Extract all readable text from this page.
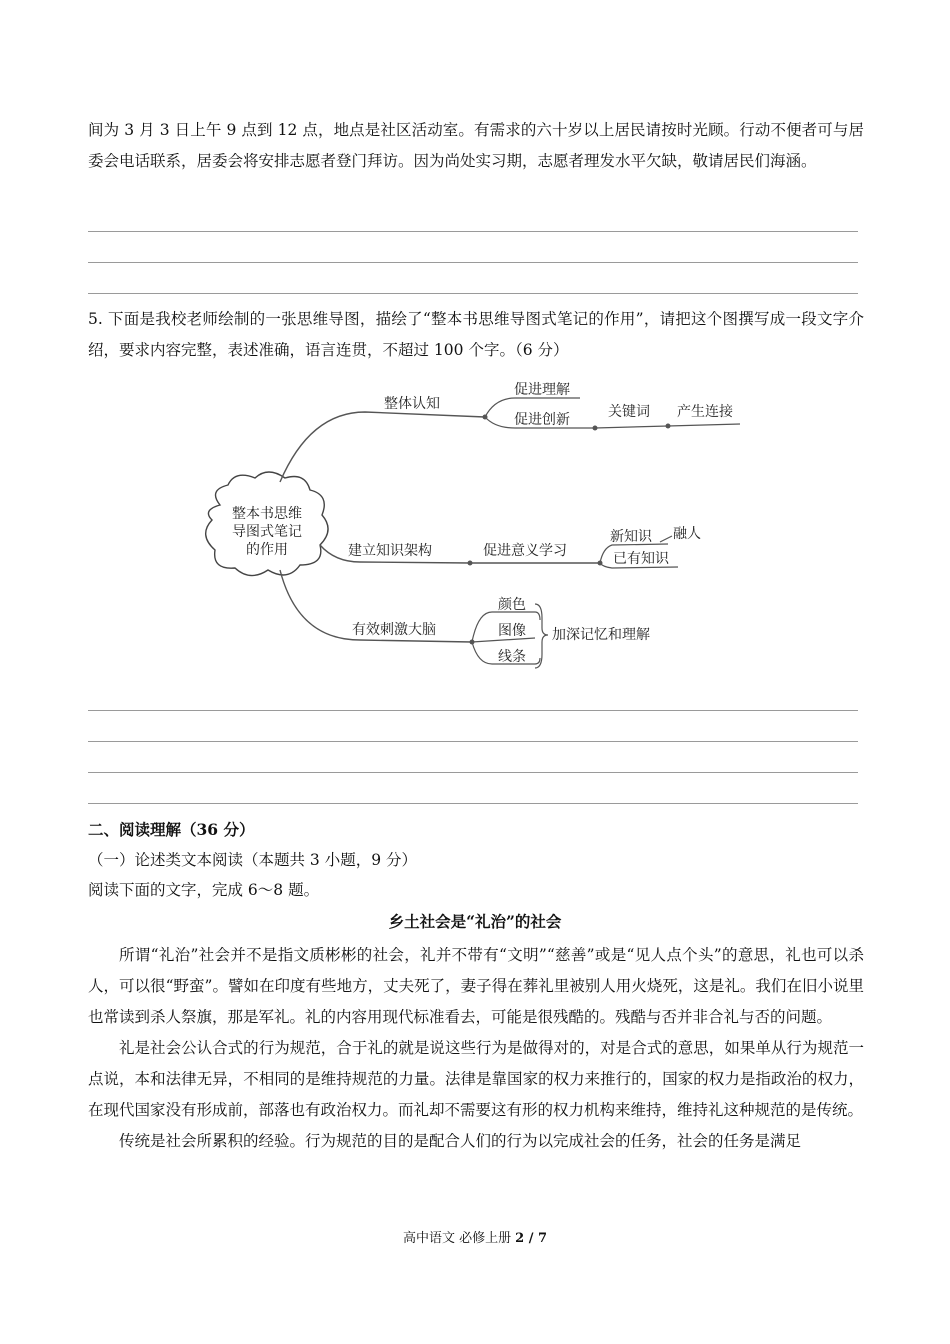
间为 3 月 3 日上午 9 点到 12 点，地点是社区活动室。有需求的六十岁以上居民请按时光顾。行动不便者可与居委会电话联系，居委会将安排志愿者登门拜访。因为尚处实习期，志愿者理发水平欠缺，敬请居民们海涵。
5. 下面是我校老师绘制的一张思维导图，描绘了“整本书思维导图式笔记的作用”，请把这个图撰写成一段文字介绍，要求内容完整，表述准确，语言连贯，不超过 100 个字。（6 分）
整本书思维
导图式笔记
的作用
整体认知
促进理解
促进创新	关键词 产生连接
建立知识架构	促进意义学习
新知识
已有知识
融人
有效刺激大脑
颜色
图像
线条
加深记忆和理解
二、阅读理解（36 分）
（一）论述类文本阅读（本题共 3 小题，9 分）
阅读下面的文字，完成 6～8 题。
乡土社会是“礼治”的社会

所谓“礼治”社会并不是指文质彬彬的社会，礼并不带有“文明”“慈善”或是“见人点个头”的意思，礼也可以杀人，可以很“野蛮”。譬如在印度有些地方，丈夫死了，妻子得在葬礼里被别人用火烧死，这是礼。我们在旧小说里也常读到杀人祭旗，那是军礼。礼的内容用现代标准看去，可能是很残酷的。残酷与否并非合礼与否的问题。

礼是社会公认合式的行为规范，合于礼的就是说这些行为是做得对的，对是合式的意思，如果单从行为规范一点说，本和法律无异，不相同的是维持规范的力量。法律是靠国家的权力来推行的，国家的权力是指政治的权力，在现代国家没有形成前，部落也有政治权力。而礼却不需要这有形的权力机构来维持，维持礼这种规范的是传统。

传统是社会所累积的经验。行为规范的目的是配合人们的行为以完成社会的任务，社会的任务是满足

高中语文 必修上册 2 / 7
